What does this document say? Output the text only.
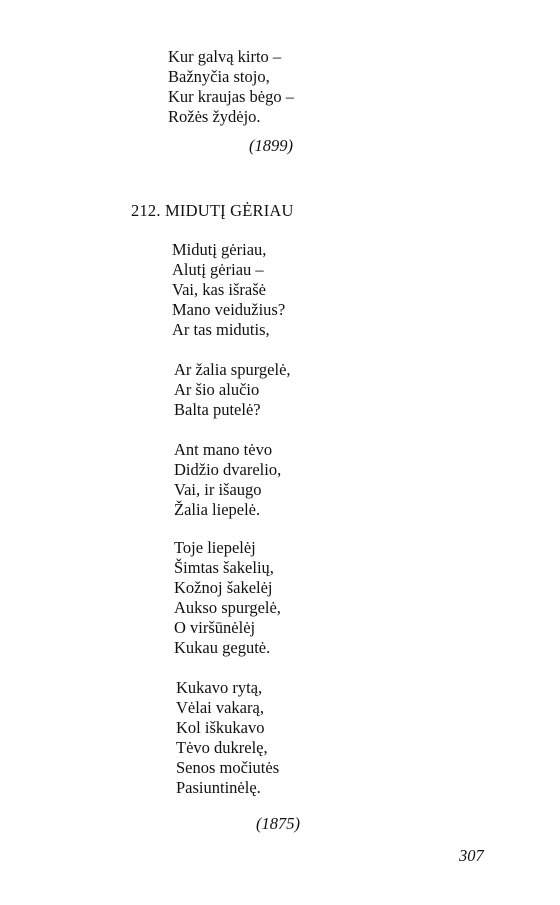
Kur galvą kirto –
Bažnyčia stojo,
Kur kraujas bėgo –
Rožės žydėjo.
(1899)
212. MIDUTĮ GĖRIAU
Midutį gėriau,
Alutį gėriau –
Vai, kas išrašė
Mano veidužius?
Ar tas midutis,
Ar žalia spurgelė,
Ar šio alučio
Balta putelė?
Ant mano tėvo
Didžio dvarelio,
Vai, ir išaugo
Žalia liepelė.
Toje liepelėj
Šimtas šakelių,
Kožnoj šakelėj
Aukso spurgelė,
O viršūnėlėj
Kukau gegutė.
Kukavo rytą,
Vėlai vakarą,
Kol iškukavo
Tėvo dukrelę,
Senos močiutės
Pasiuntinėlę.
(1875)
307
